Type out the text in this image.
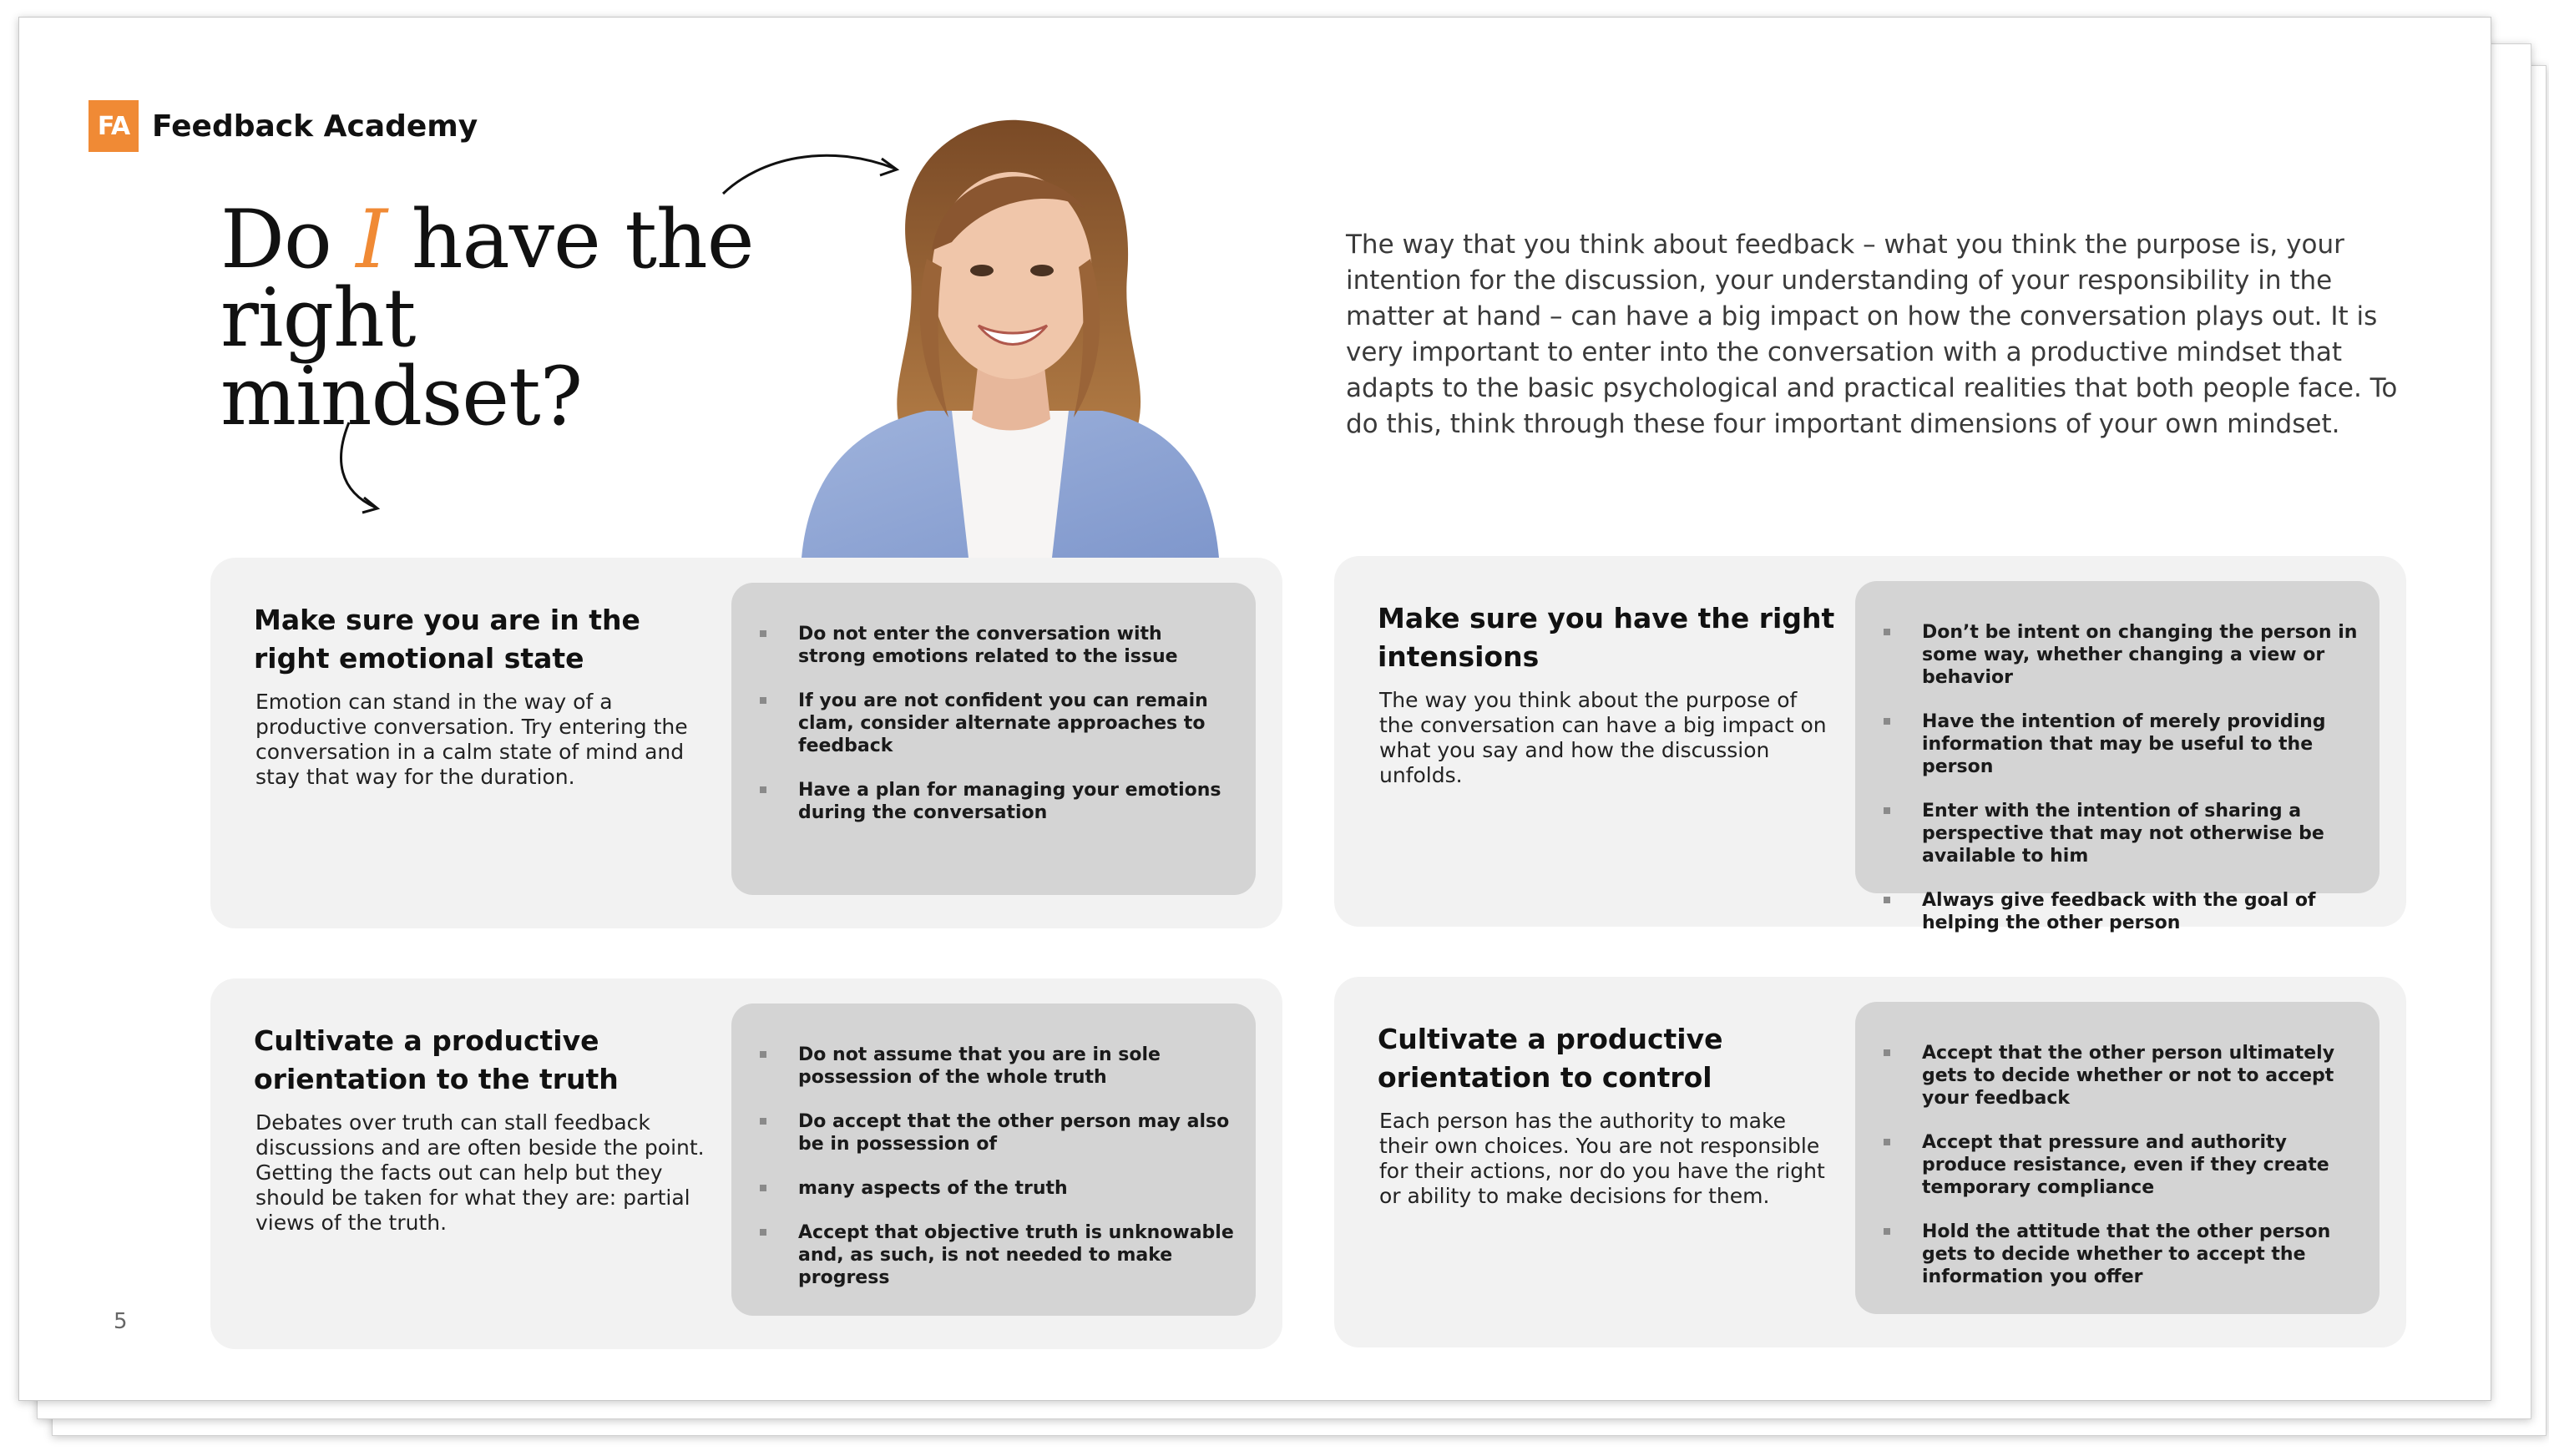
FA Feedback Academy
Do I have the right mindset?
The way that you think about feedback – what you think the purpose is, your intention for the discussion, your understanding of your responsibility in the matter at hand – can have a big impact on how the conversation plays out. It is very important to enter into the conversation with a productive mindset that adapts to the basic psychological and practical realities that both people face. To do this, think through these four important dimensions of your own mindset.
Make sure you are in the right emotional state
Emotion can stand in the way of a productive conversation. Try entering the conversation in a calm state of mind and stay that way for the duration.
Do not enter the conversation with strong emotions related to the issue
If you are not confident you can remain clam, consider alternate approaches to feedback
Have a plan for managing your emotions during the conversation
Make sure you have the right intensions
The way you think about the purpose of the conversation can have a big impact on what you say and how the discussion unfolds.
Don’t be intent on changing the person in some way, whether changing a view or behavior
Have the intention of merely providing information that may be useful to the person
Enter with the intention of sharing a perspective that may not otherwise be available to him
Always give feedback with the goal of helping the other person
Cultivate a productive orientation to the truth
Debates over truth can stall feedback discussions and are often beside the point. Getting the facts out can help but they should be taken for what they are: partial views of the truth.
Do not assume that you are in sole possession of the whole truth
Do accept that the other person may also be in possession of
many aspects of the truth
Accept that objective truth is unknowable and, as such, is not needed to make progress
Cultivate a productive orientation to control
Each person has the authority to make their own choices. You are not responsible for their actions, nor do you have the right or ability to make decisions for them.
Accept that the other person ultimately gets to decide whether or not to accept your feedback
Accept that pressure and authority produce resistance, even if they create temporary compliance
Hold the attitude that the other person gets to decide whether to accept the information you offer
5
